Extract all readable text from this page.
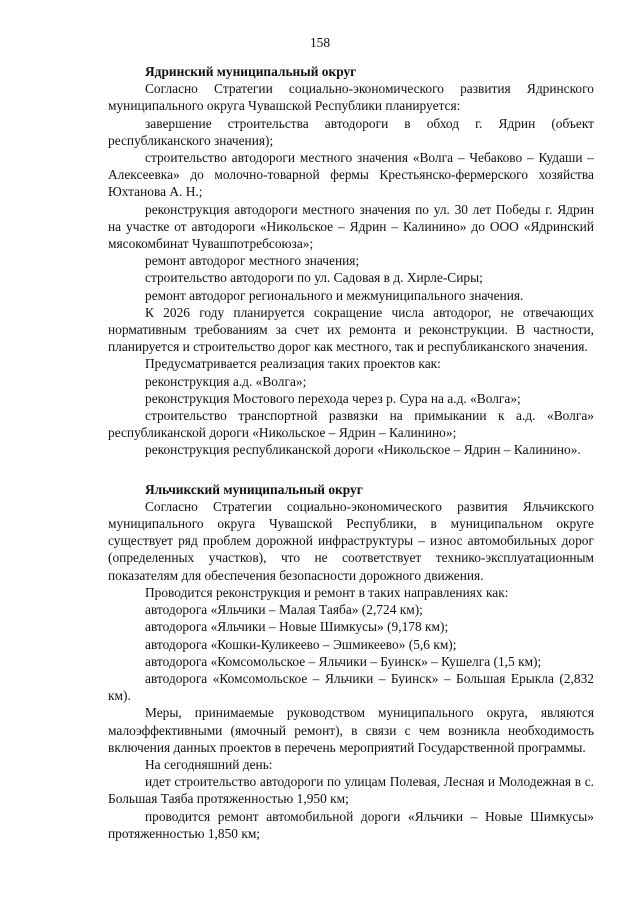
158

Ядринский муниципальный округ

Согласно Стратегии социально-экономического развития Ядринского муниципального округа Чувашской Республики планируется:

завершение строительства автодороги в обход г. Ядрин (объект республиканского значения);

строительство автодороги местного значения «Волга – Чебаково – Кудаши – Алексеевка» до молочно-товарной фермы Крестьянско-фермерского хозяйства Юхтанова А. Н.;

реконструкция автодороги местного значения по ул. 30 лет Победы г. Ядрин на участке от автодороги «Никольское – Ядрин – Калинино» до ООО «Ядринский мясокомбинат Чувашпотребсоюза»;

ремонт автодорог местного значения;

строительство автодороги по ул. Садовая в д. Хирле-Сиры;

ремонт автодорог регионального и межмуниципального значения.

К 2026 году планируется сокращение числа автодорог, не отвечающих нормативным требованиям за счет их ремонта и реконструкции. В частности, планируется и строительство дорог как местного, так и республиканского значения.

Предусматривается реализация таких проектов как:

реконструкция а.д. «Волга»;

реконструкция Мостового перехода через р. Сура на а.д. «Волга»;

строительство транспортной развязки на примыкании к а.д. «Волга» республиканской дороги «Никольское – Ядрин – Калинино»;

реконструкция республиканской дороги «Никольское – Ядрин – Калинино».

Яльчикский муниципальный округ

Согласно Стратегии социально-экономического развития Яльчикского муниципального округа Чувашской Республики, в муниципальном округе существует ряд проблем дорожной инфраструктуры – износ автомобильных дорог (определенных участков), что не соответствует технико-эксплуатационным показателям для обеспечения безопасности дорожного движения.

Проводится реконструкция и ремонт в таких направлениях как:

автодорога «Яльчики – Малая Таяба» (2,724 км);

автодорога «Яльчики – Новые Шимкусы» (9,178 км);

автодорога «Кошки-Куликеево – Эшмикеево» (5,6 км);

автодорога «Комсомольское – Яльчики – Буинск» – Кушелга (1,5 км);

автодорога «Комсомольское – Яльчики – Буинск» – Большая Ерыкла (2,832 км).

Меры, принимаемые руководством муниципального округа, являются малоэффективными (ямочный ремонт), в связи с чем возникла необходимость включения данных проектов в перечень мероприятий Государственной программы.

На сегодняшний день:

идет строительство автодороги по улицам Полевая, Лесная и Молодежная в с. Большая Таяба протяженностью 1,950 км;

проводится ремонт автомобильной дороги «Яльчики – Новые Шимкусы» протяженностью 1,850 км;
